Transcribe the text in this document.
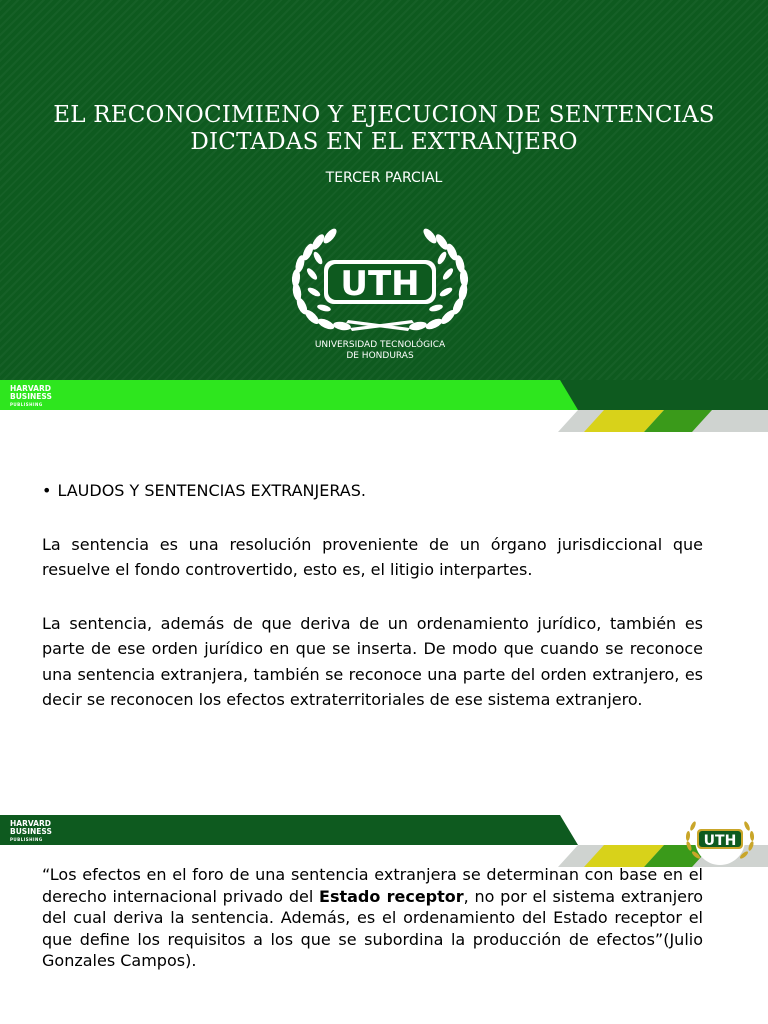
EL RECONOCIMIENO Y EJECUCION DE SENTENCIAS
DICTADAS EN EL EXTRANJERO
TERCER PARCIAL
UTH
UNIVERSIDAD TECNOLÓGICA
DE HONDURAS
HARVARD
BUSINESS
PUBLISHING
• LAUDOS Y SENTENCIAS EXTRANJERAS.
La sentencia es una resolución proveniente de un órgano jurisdiccional que resuelve el fondo controvertido, esto es, el litigio interpartes.
La sentencia, además de que deriva de un ordenamiento jurídico, también es parte de ese orden jurídico en que se inserta. De modo que cuando se reconoce una sentencia extranjera, también se reconoce una parte del orden extranjero, es decir se reconocen los efectos extraterritoriales de ese sistema extranjero.
HARVARD
BUSINESS
PUBLISHING	UTH
“Los efectos en el foro de una sentencia extranjera se determinan con base en el derecho internacional privado del Estado receptor, no por el sistema extranjero del cual deriva la sentencia. Además, es el ordenamiento del Estado receptor el que define los requisitos a los que se subordina la producción de efectos”(Julio Gonzales Campos).
